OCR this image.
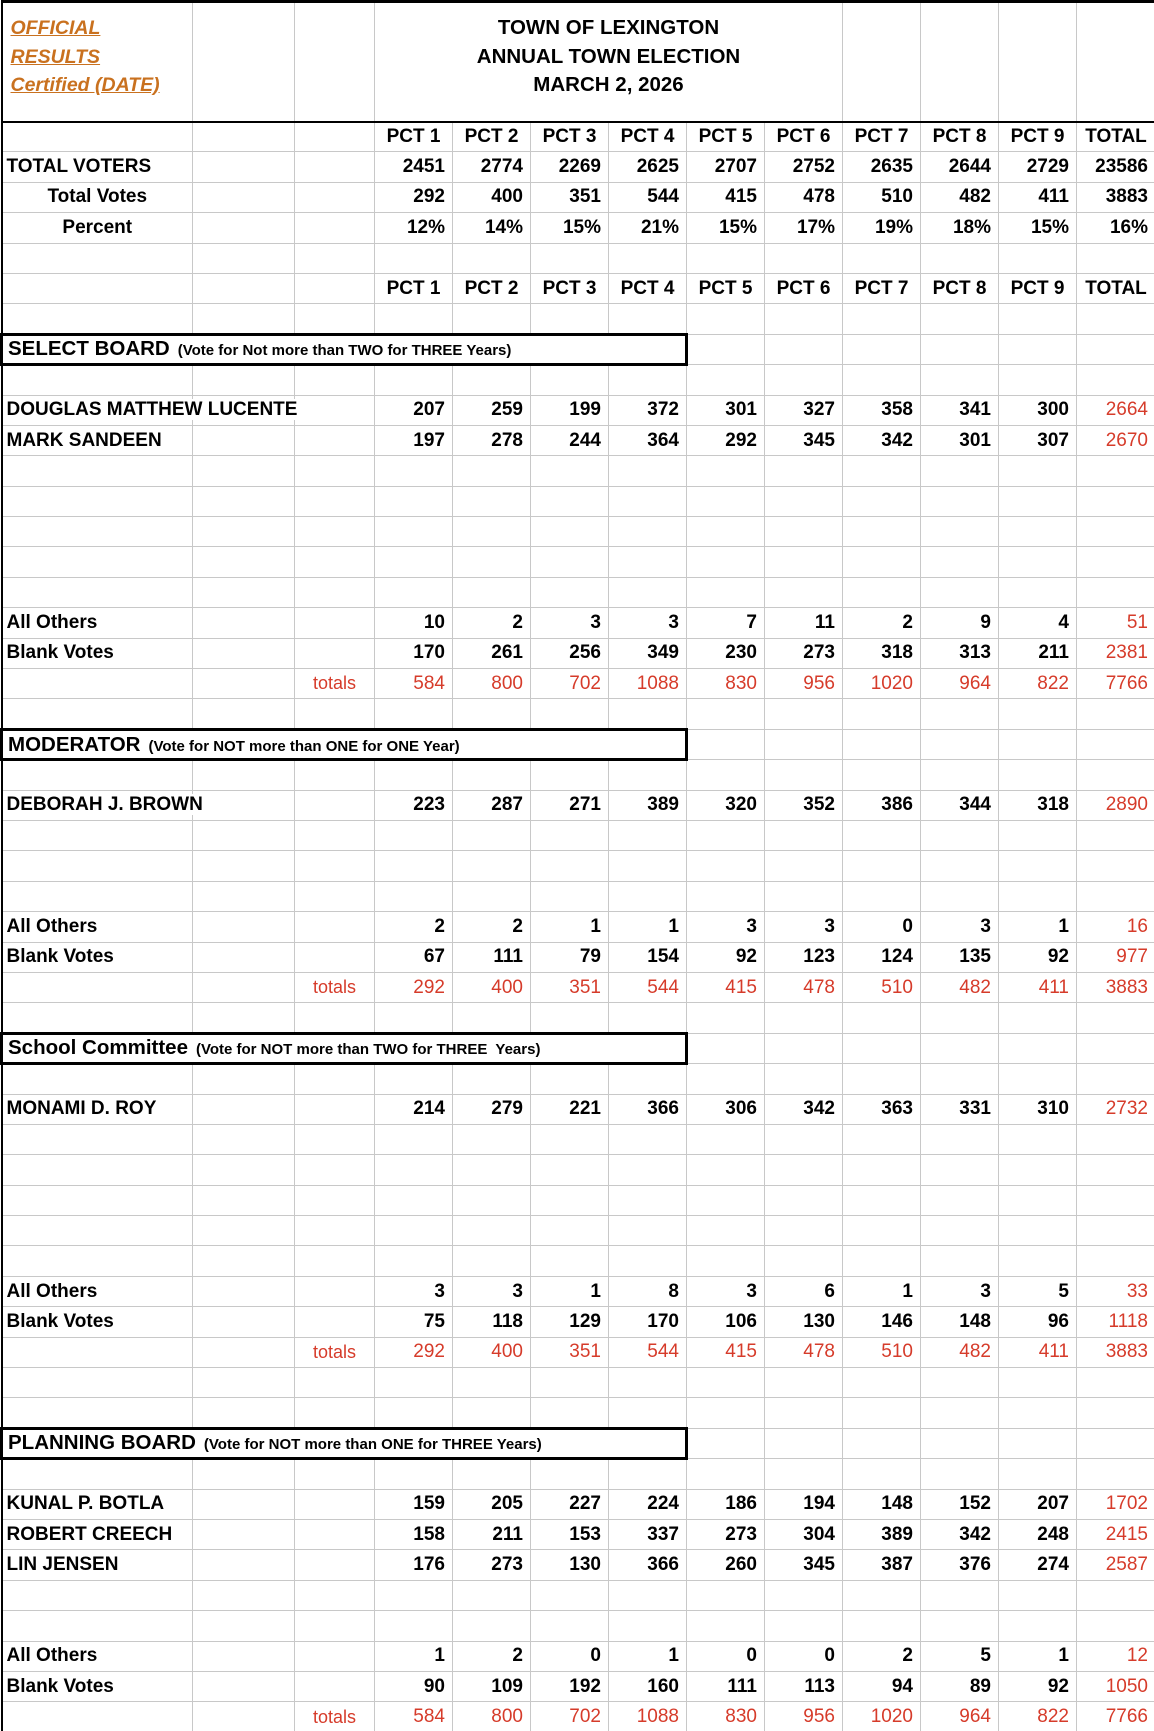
OFFICIAL
RESULTS
Certified (DATE)

TOWN OF LEXINGTON
ANNUAL TOWN ELECTION
MARCH 2, 2026

			PCT 1	PCT 2	PCT 3	PCT 4	PCT 5	PCT 6	PCT 7	PCT 8	PCT 9	TOTAL
TOTAL VOTERS			2451	2774	2269	2625	2707	2752	2635	2644	2729	23586
Total Votes			292	400	351	544	415	478	510	482	411	3883
Percent			12%	14%	15%	21%	15%	17%	19%	18%	15%	16%

			PCT 1	PCT 2	PCT 3	PCT 4	PCT 5	PCT 6	PCT 7	PCT 8	PCT 9	TOTAL

SELECT BOARD (Vote for Not more than TWO for THREE Years)												

DOUGLAS MATTHEW LUCENTE			207	259	199	372	301	327	358	341	300	2664
MARK SANDEEN			197	278	244	364	292	345	342	301	307	2670

All Others			10	2	3	3	7	11	2	9	4	51
Blank Votes			170	261	256	349	230	273	318	313	211	2381
		totals	584	800	702	1088	830	956	1020	964	822	7766

MODERATOR (Vote for NOT more than ONE for ONE Year)												

DEBORAH J. BROWN			223	287	271	389	320	352	386	344	318	2890

All Others			2	2	1	1	3	3	0	3	1	16
Blank Votes			67	111	79	154	92	123	124	135	92	977
		totals	292	400	351	544	415	478	510	482	411	3883

School Committee (Vote for NOT more than TWO for THREE  Years)												

MONAMI D. ROY			214	279	221	366	306	342	363	331	310	2732

All Others			3	3	1	8	3	6	1	3	5	33
Blank Votes			75	118	129	170	106	130	146	148	96	1118
		totals	292	400	351	544	415	478	510	482	411	3883

PLANNING BOARD (Vote for NOT more than ONE for THREE Years)												

KUNAL P. BOTLA			159	205	227	224	186	194	148	152	207	1702
ROBERT CREECH			158	211	153	337	273	304	389	342	248	2415
LIN JENSEN			176	273	130	366	260	345	387	376	274	2587

All Others			1	2	0	1	0	0	2	5	1	12
Blank Votes			90	109	192	160	111	113	94	89	92	1050
		totals	584	800	702	1088	830	956	1020	964	822	7766
